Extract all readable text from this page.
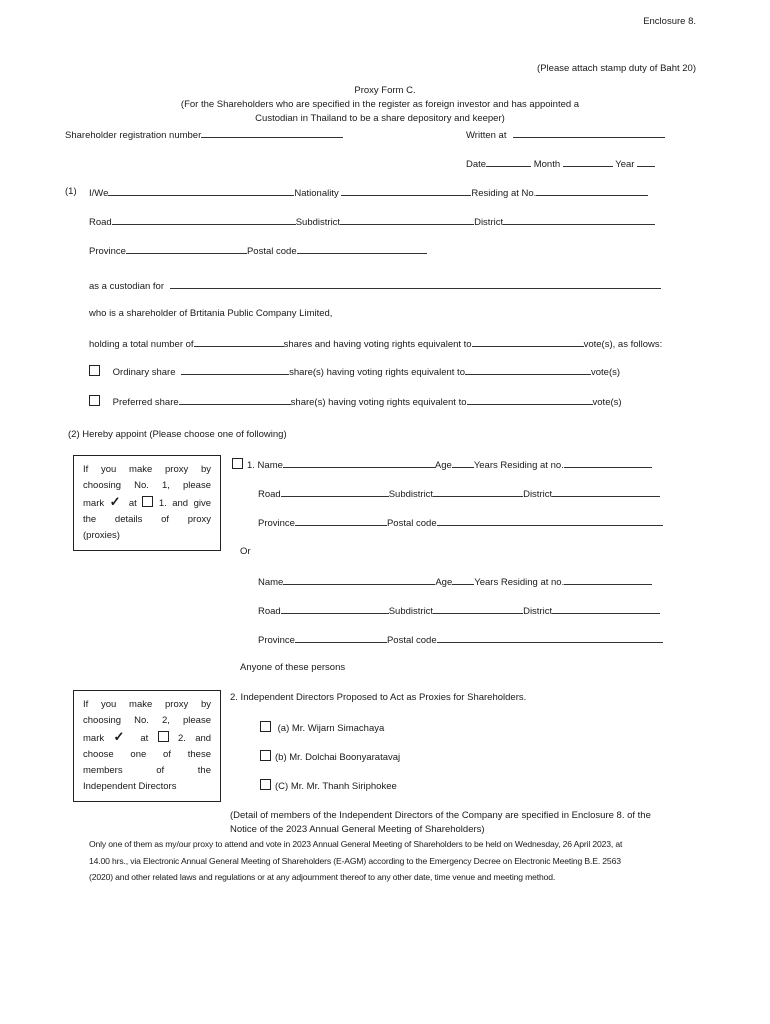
Enclosure 8.
(Please attach stamp duty of Baht 20)
Proxy Form C.
(For the Shareholders who are specified in the register as foreign investor and has appointed a
Custodian in Thailand to be a share depository and keeper)
Shareholder registration number	Written at
Date	Month	Year
(1) I/We	Nationality	Residing at No.
Road	Subdistrict	District
Province	Postal code
as a custodian for
who is a shareholder of Brtitania Public Company Limited,
holding a total number of	shares and having voting rights equivalent to	vote(s), as follows:
Ordinary share	share(s) having voting rights equivalent to	vote(s)
Preferred share	share(s) having voting rights equivalent to	vote(s)
(2) Hereby appoint (Please choose one of following)
If you make proxy by
choosing No. 1, please
mark ✓ at 1. and give
the details of proxy
(proxies)
1. Name	Age Years Residing at no.
Road	Subdistrict	District
Province	Postal code
Or
Name	Age Years Residing at no.
Road	Subdistrict	District
Province	Postal code
Anyone of these persons
If you make proxy by
choosing No. 2, please
mark ✓ at	2. and
choose one of these
members of the
Independent Directors
2. Independent Directors Proposed to Act as Proxies for Shareholders.
(a) Mr. Wijarn Simachaya
(b) Mr. Dolchai Boonyaratavaj
(C) Mr. Mr. Thanh Siriphokee
(Detail of members of the Independent Directors of the Company are specified in Enclosure 8. of the
Notice of the 2023 Annual General Meeting of Shareholders)
Only one of them as my/our proxy to attend and vote in 2023 Annual General Meeting of Shareholders to be held on Wednesday, 26 April 2023, at
14.00 hrs., via Electronic Annual General Meeting of Shareholders (E-AGM) according to the Emergency Decree on Electronic Meeting B.E. 2563
(2020) and other related laws and regulations or at any adjournment thereof to any other date, time venue and meeting method.
